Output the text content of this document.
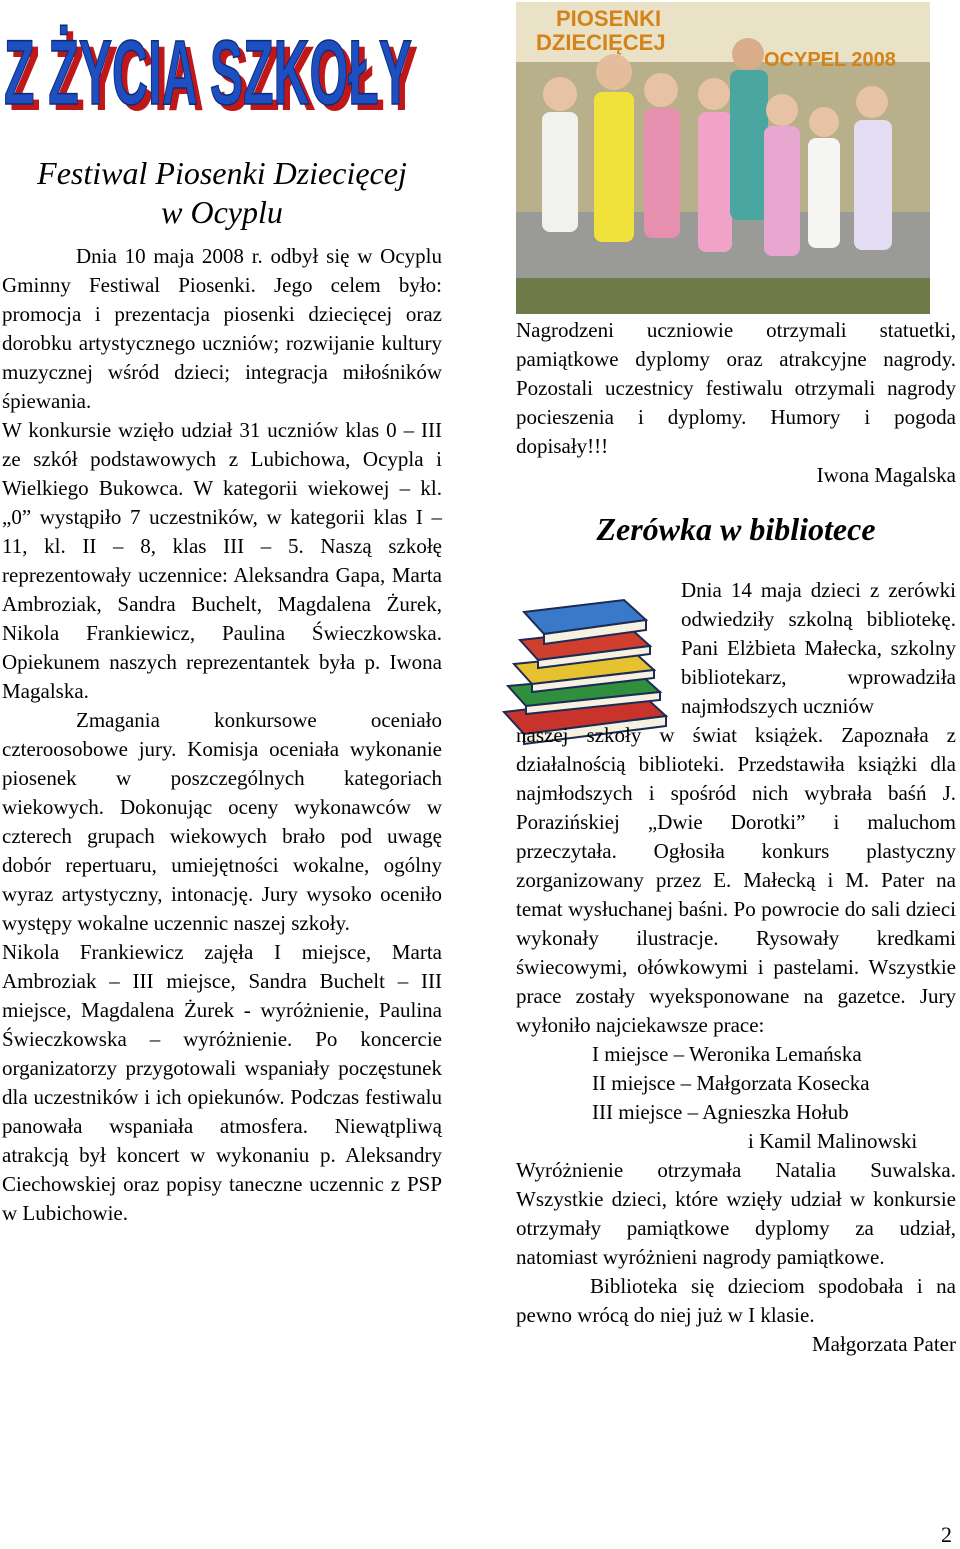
Z ŻYCIA SZKOŁY
Z ŻYCIA SZKOŁY
PIOSENKI
DZIECIĘCEJ
OCYPEL 2008
Festiwal Piosenki Dziecięcej
w Ocyplu

Dnia 10 maja 2008 r. odbył się w Ocyplu Gminny Festiwal Piosenki. Jego celem było: promocja i prezentacja piosenki dziecięcej oraz dorobku artystycznego uczniów; rozwijanie kultury muzycznej wśród dzieci; integracja miłośników śpiewania.

W konkursie wzięło udział 31 uczniów klas 0 – III ze szkół podstawowych z Lubichowa, Ocypla i Wielkiego Bukowca. W kategorii wiekowej – kl. „0” wystąpiło 7 uczestników, w kategorii klas I – 11, kl. II – 8, klas III – 5. Naszą szkołę reprezentowały uczennice: Aleksandra Gapa, Marta Ambroziak, Sandra Buchelt, Magdalena Żurek, Nikola Frankiewicz, Paulina Świeczkowska. Opiekunem naszych reprezentantek była p. Iwona Magalska.

Zmagania konkursowe oceniało czteroosobowe jury. Komisja oceniała wykonanie piosenek w poszczególnych kategoriach wiekowych. Dokonując oceny wykonawców w czterech grupach wiekowych brało pod uwagę dobór repertuaru, umiejętności wokalne, ogólny wyraz artystyczny, intonację. Jury wysoko oceniło występy wokalne uczennic naszej szkoły.

Nikola Frankiewicz zajęła I miejsce, Marta Ambroziak – III miejsce, Sandra Buchelt – III miejsce, Magdalena Żurek - wyróżnienie, Paulina Świeczkowska – wyróżnienie. Po koncercie organizatorzy przygotowali wspaniały poczęstunek dla uczestników i ich opiekunów. Podczas festiwalu panowała wspaniała atmosfera. Niewątpliwą atrakcją był koncert w wykonaniu p. Aleksandry Ciechowskiej oraz popisy taneczne uczennic z PSP w Lubichowie.

Nagrodzeni uczniowie otrzymali statuetki, pamiątkowe dyplomy oraz atrakcyjne nagrody. Pozostali uczestnicy festiwalu otrzymali nagrody pocieszenia i dyplomy. Humory i pogoda dopisały!!!

Iwona Magalska

Zerówka w bibliotece

Dnia 14 maja dzieci z zerówki odwiedziły szkolną bibliotekę. Pani Elżbieta Małecka, szkolny bibliotekarz, wprowadziła najmłodszych uczniów

naszej szkoły w świat książek. Zapoznała z działalnością biblioteki. Przedstawiła książki dla najmłodszych i spośród nich wybrała baśń J. Porazińskiej „Dwie Dorotki” i maluchom przeczytała. Ogłosiła konkurs plastyczny zorganizowany przez E. Małecką i M. Pater na temat wysłuchanej baśni. Po powrocie do sali dzieci wykonały ilustracje. Rysowały kredkami świecowymi, ołówkowymi i pastelami. Wszystkie prace zostały wyeksponowane na gazetce. Jury wyłoniło najciekawsze prace:

I miejsce – Weronika Lemańska

II miejsce – Małgorzata Kosecka

III miejsce – Agnieszka Hołub

i Kamil Malinowski

Wyróżnienie otrzymała Natalia Suwalska. Wszystkie dzieci, które wzięły udział w konkursie otrzymały pamiątkowe dyplomy za udział, natomiast wyróżnieni nagrody pamiątkowe.

Biblioteka się dzieciom spodobała i na pewno wrócą do niej już w I klasie.

Małgorzata Pater

2
